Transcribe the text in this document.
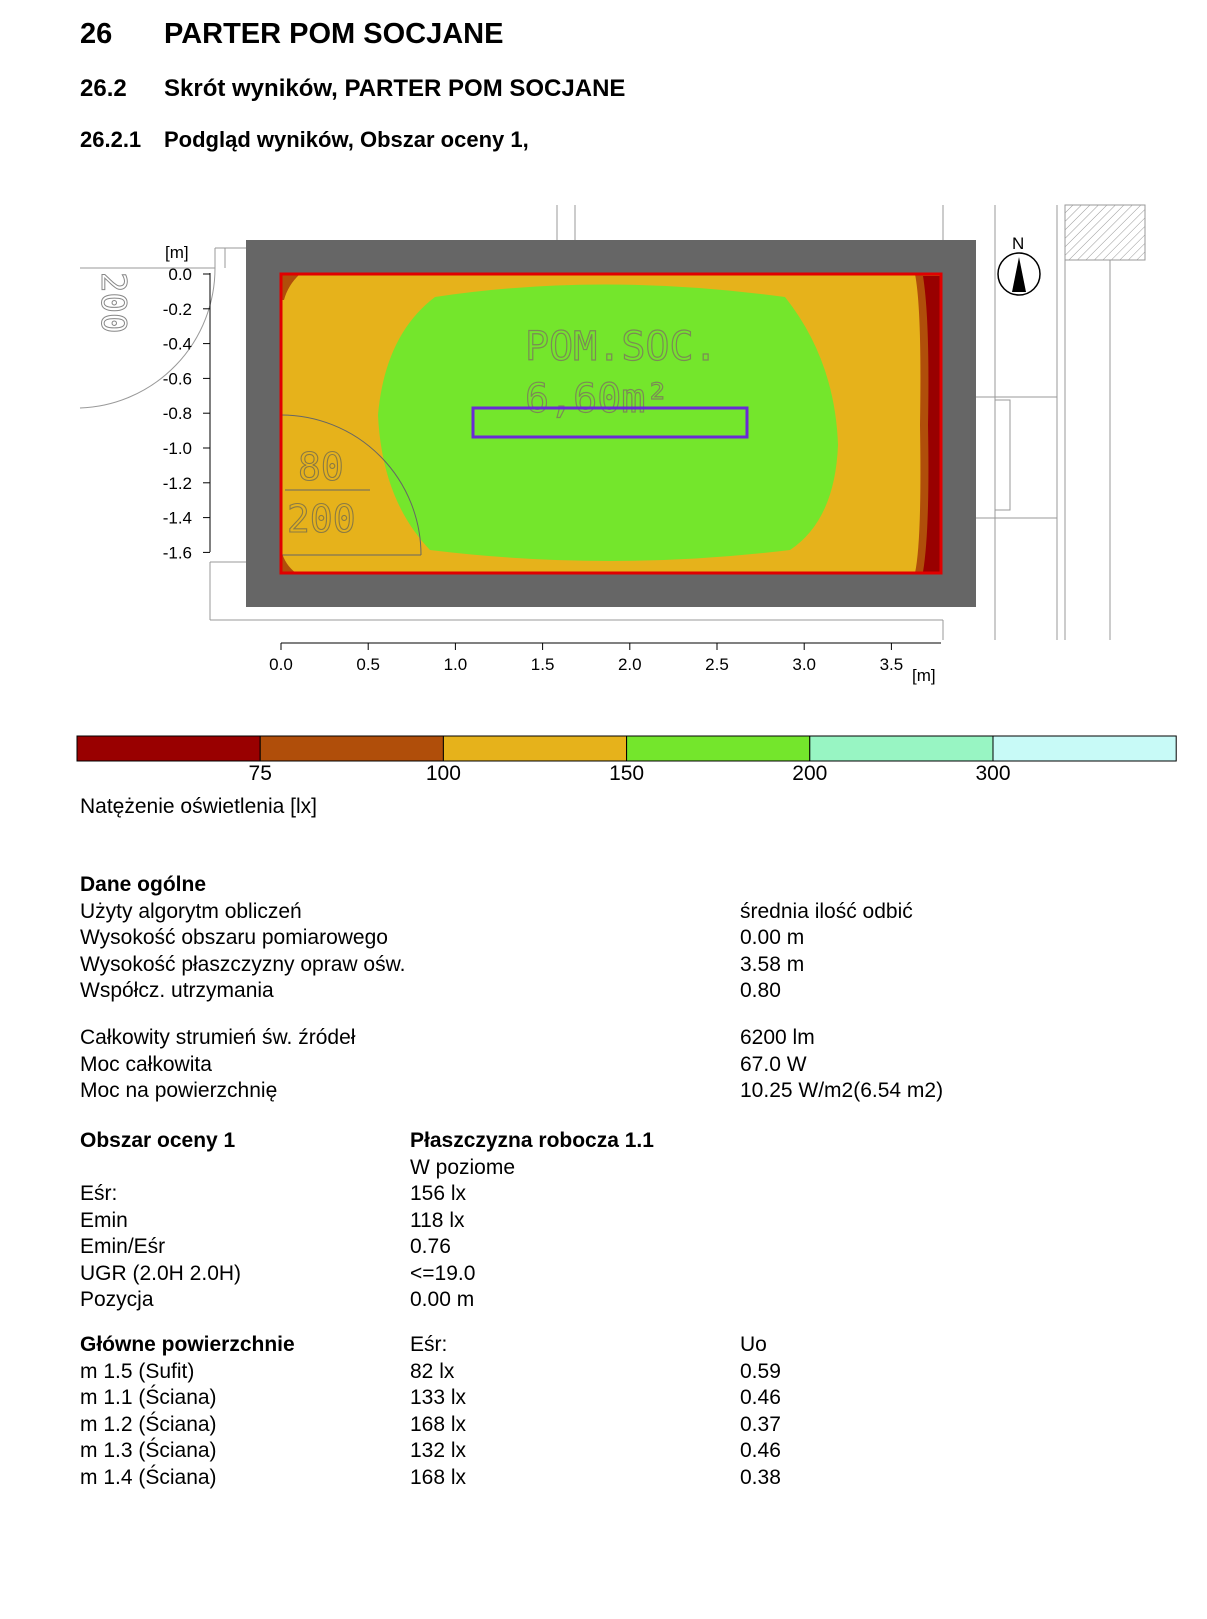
26 PARTER POM SOCJANE
26.2 Skrót wyników, PARTER POM SOCJANE
26.2.1 Podgląd wyników, Obszar oceny 1,
POM.SOC.
6,60m²
80
200
200
[m]
0.0
-0.2
-0.4
-0.6
-0.8
-1.0
-1.2
-1.4
-1.6
0.0	0.5	1.0	1.5	2.0	2.5	3.0	3.5
[m]
N
75	100	150	200	300
Natężenie oświetlenia [lx]
Dane ogólne
Użyty algorytm obliczeń	średnia ilość odbić
Wysokość obszaru pomiarowego	0.00 m
Wysokość płaszczyzny opraw ośw.	3.58 m
Współcz. utrzymania	0.80
Całkowity strumień św. źródeł	6200 lm
Moc całkowita	67.0 W
Moc na powierzchnię	10.25 W/m2(6.54 m2)
Obszar oceny 1	Płaszczyzna robocza 1.1
W poziome
Eśr:	156 lx
Emin	118 lx
Emin/Eśr	0.76
UGR (2.0H 2.0H)	<=19.0
Pozycja	0.00 m
Główne powierzchnie	Eśr:	Uo
m 1.5 (Sufit)	82 lx	0.59
m 1.1 (Ściana)	133 lx	0.46
m 1.2 (Ściana)	168 lx	0.37
m 1.3 (Ściana)	132 lx	0.46
m 1.4 (Ściana)	168 lx	0.38
